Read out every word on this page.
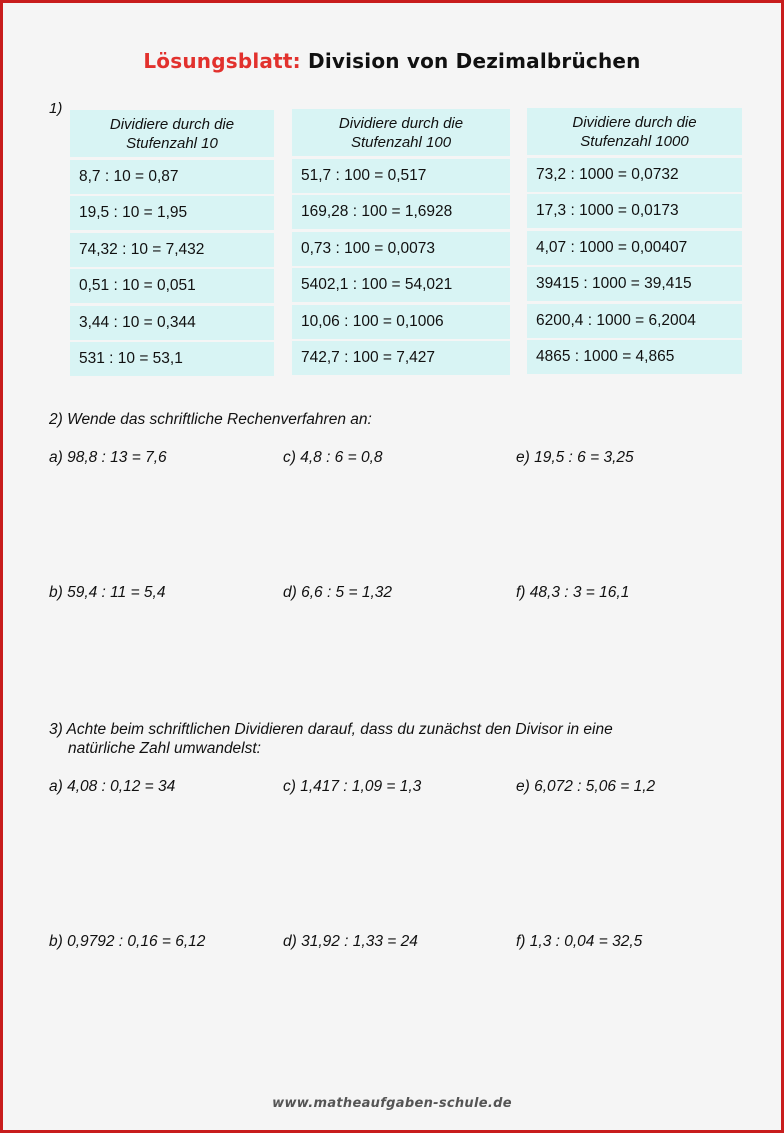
Lösungsblatt: Division von Dezimalbrüchen
1)
Dividiere durch die
Stufenzahl 10
8,7 : 10 = 0,87
19,5 : 10 = 1,95
74,32 : 10 = 7,432
0,51 : 10 = 0,051
3,44 : 10 = 0,344
531 : 10 = 53,1
Dividiere durch die
Stufenzahl 100
51,7 : 100 = 0,517
169,28 : 100 = 1,6928
0,73 : 100 = 0,0073
5402,1 : 100 = 54,021
10,06 : 100 = 0,1006
742,7 : 100 = 7,427
Dividiere durch die
Stufenzahl 1000
73,2 : 1000 = 0,0732
17,3 : 1000 = 0,0173
4,07 : 1000 = 0,00407
39415 : 1000 = 39,415
6200,4 : 1000 = 6,2004
4865 : 1000 = 4,865
2) Wende das schriftliche Rechenverfahren an:
a) 98,8 : 13 = 7,6	c) 4,8 : 6 = 0,8	e) 19,5 : 6 = 3,25
b) 59,4 : 11 = 5,4	d) 6,6 : 5 = 1,32	f) 48,3 : 3 = 16,1
3) Achte beim schriftlichen Dividieren darauf, dass du zunächst den Divisor in eine
natürliche Zahl umwandelst:
a) 4,08 : 0,12 = 34	c) 1,417 : 1,09 = 1,3	e) 6,072 : 5,06 = 1,2
b) 0,9792 : 0,16 = 6,12	d) 31,92 : 1,33 = 24	f) 1,3 : 0,04 = 32,5
www.matheaufgaben-schule.de
